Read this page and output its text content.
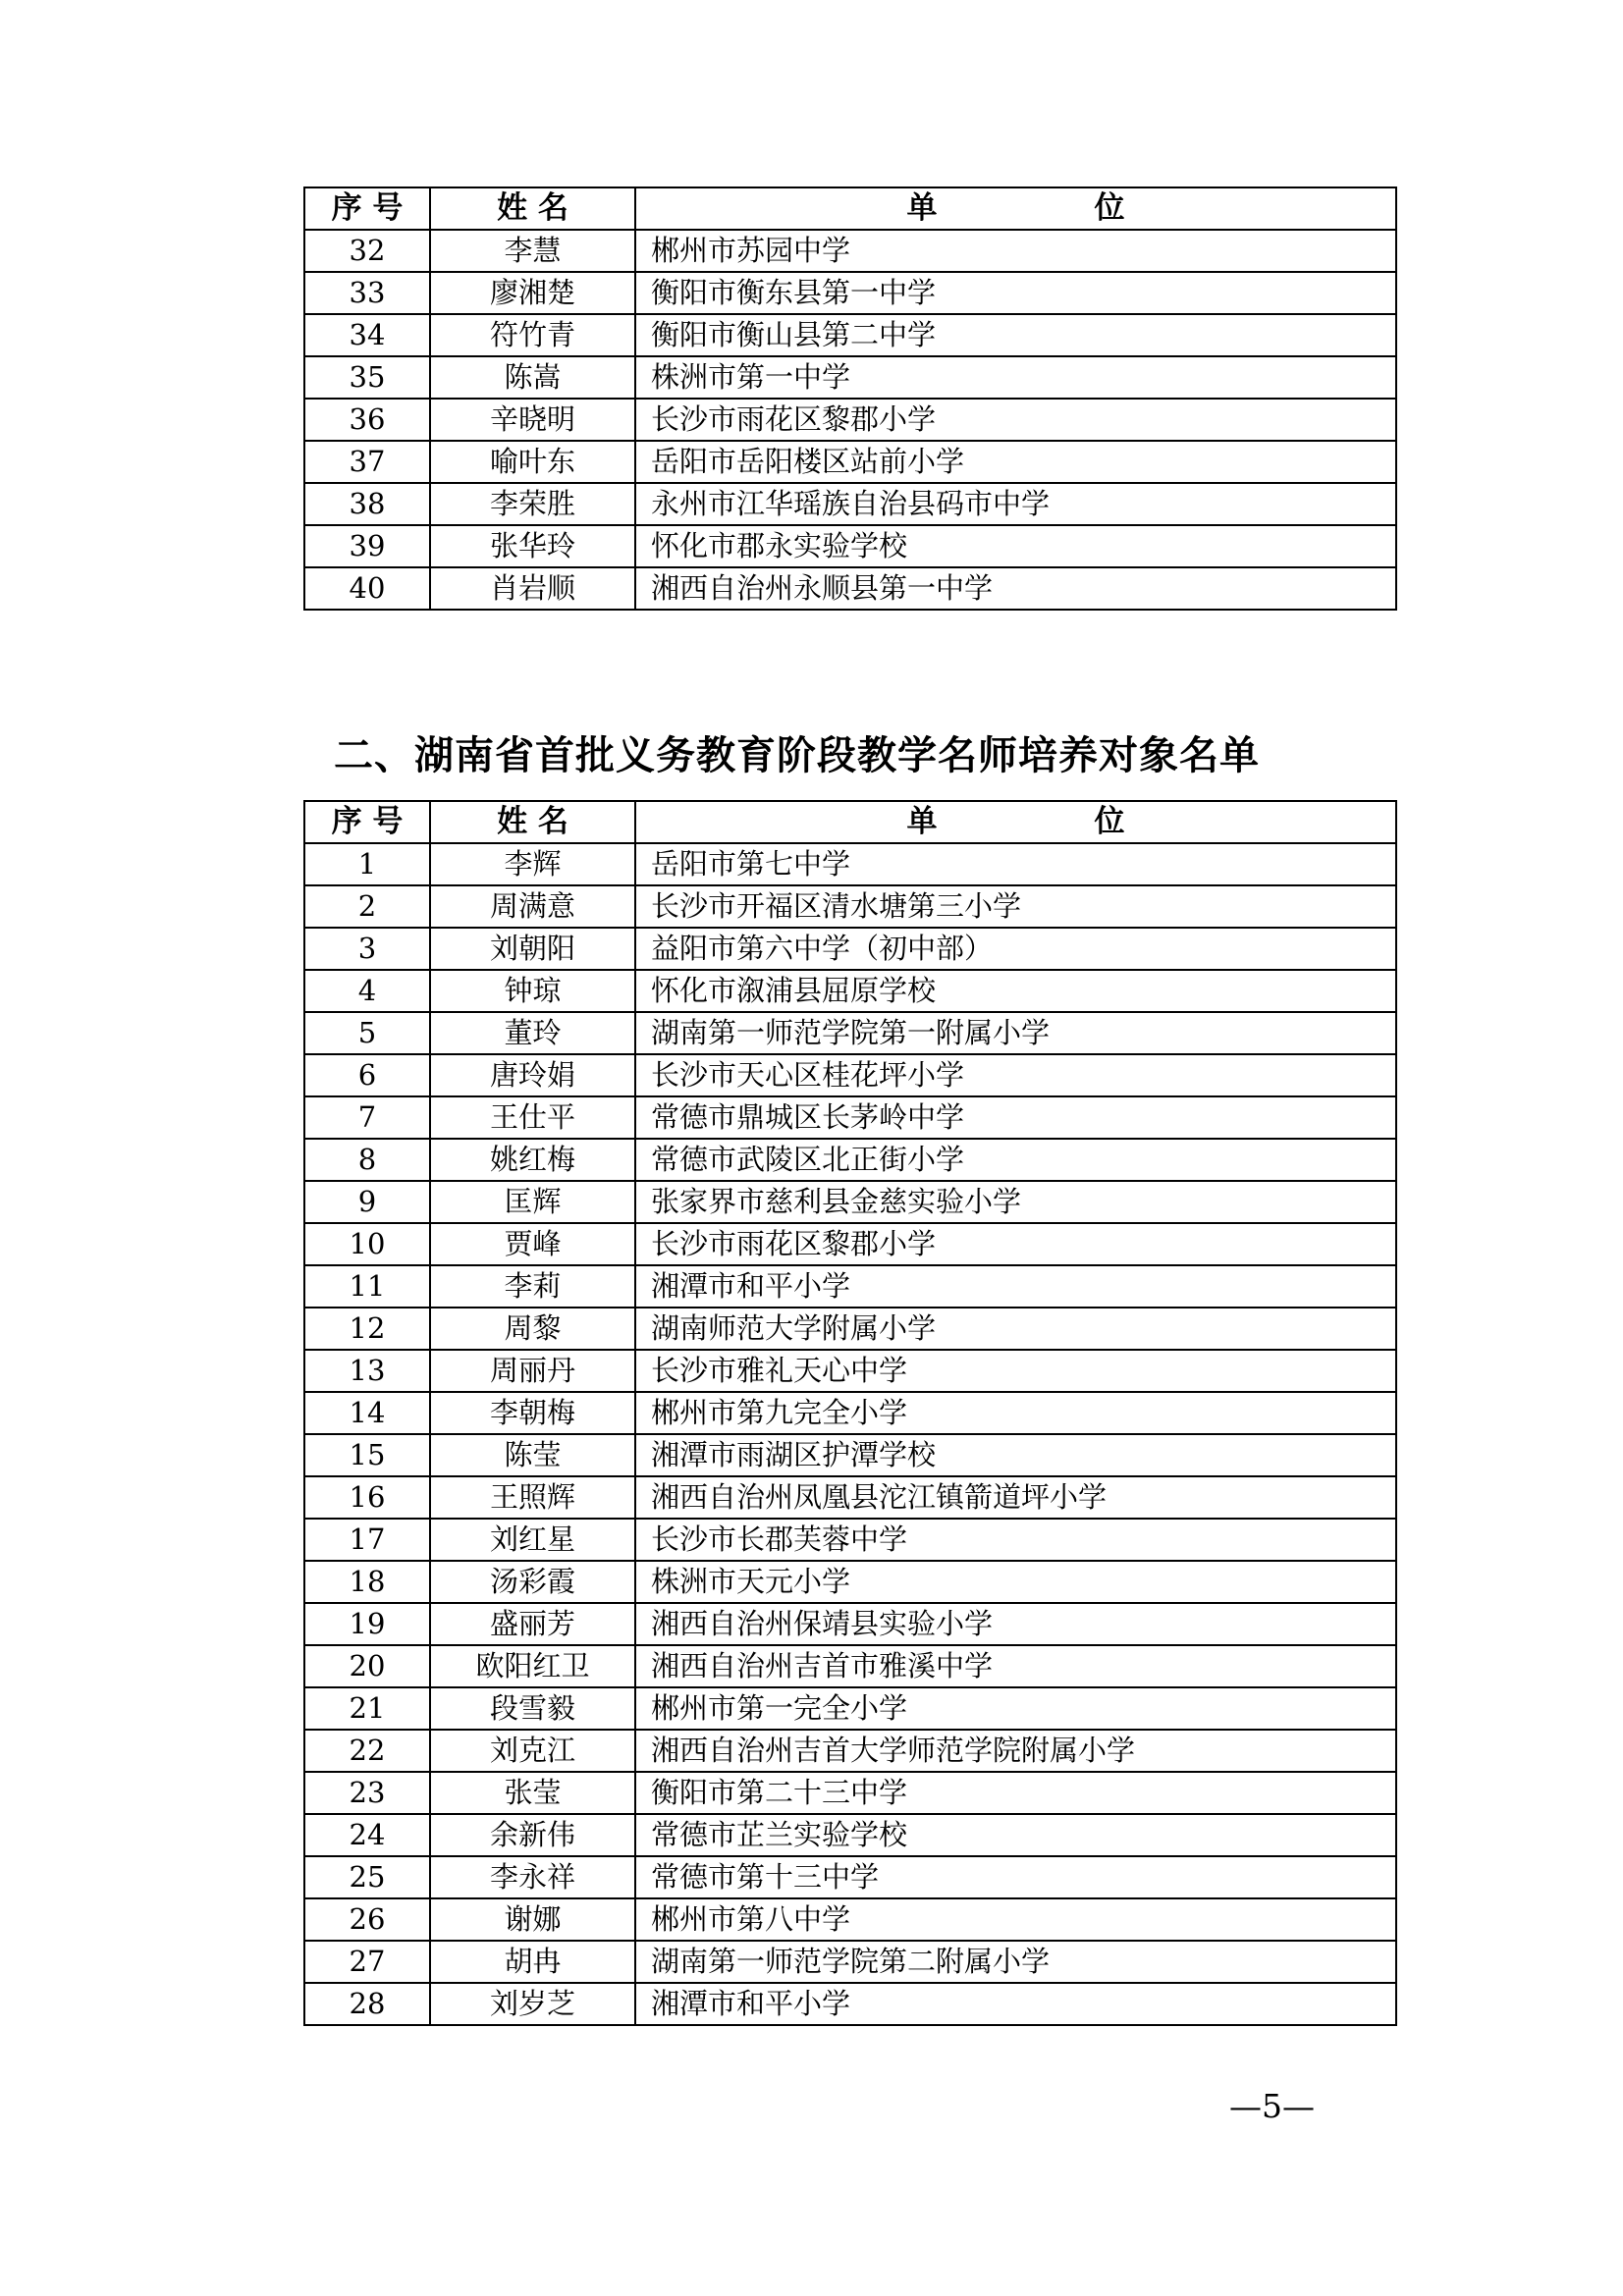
序 号	姓 名	单 位
32	李慧	郴州市苏园中学
33	廖湘楚	衡阳市衡东县第一中学
34	符竹青	衡阳市衡山县第二中学
35	陈嵩	株洲市第一中学
36	辛晓明	长沙市雨花区黎郡小学
37	喻叶东	岳阳市岳阳楼区站前小学
38	李荣胜	永州市江华瑶族自治县码市中学
39	张华玲	怀化市郡永实验学校
40	肖岩顺	湘西自治州永顺县第一中学
二、湖南省首批义务教育阶段教学名师培养对象名单
序 号	姓 名	单 位
1	李辉	岳阳市第七中学
2	周满意	长沙市开福区清水塘第三小学
3	刘朝阳	益阳市第六中学（初中部）
4	钟琼	怀化市溆浦县屈原学校
5	董玲	湖南第一师范学院第一附属小学
6	唐玲娟	长沙市天心区桂花坪小学
7	王仕平	常德市鼎城区长茅岭中学
8	姚红梅	常德市武陵区北正街小学
9	匡辉	张家界市慈利县金慈实验小学
10	贾峰	长沙市雨花区黎郡小学
11	李莉	湘潭市和平小学
12	周黎	湖南师范大学附属小学
13	周丽丹	长沙市雅礼天心中学
14	李朝梅	郴州市第九完全小学
15	陈莹	湘潭市雨湖区护潭学校
16	王照辉	湘西自治州凤凰县沱江镇箭道坪小学
17	刘红星	长沙市长郡芙蓉中学
18	汤彩霞	株洲市天元小学
19	盛丽芳	湘西自治州保靖县实验小学
20	欧阳红卫	湘西自治州吉首市雅溪中学
21	段雪毅	郴州市第一完全小学
22	刘克江	湘西自治州吉首大学师范学院附属小学
23	张莹	衡阳市第二十三中学
24	余新伟	常德市芷兰实验学校
25	李永祥	常德市第十三中学
26	谢娜	郴州市第八中学
27	胡冉	湖南第一师范学院第二附属小学
28	刘岁芝	湘潭市和平小学
—5—
